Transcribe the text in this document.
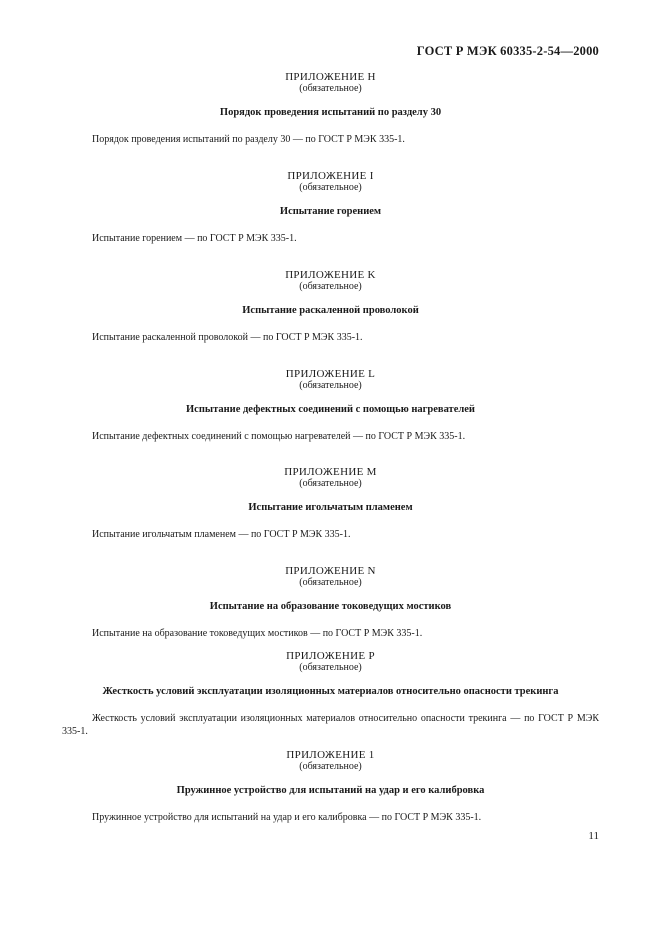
ГОСТ Р МЭК 60335-2-54—2000
ПРИЛОЖЕНИЕ H
(обязательное)
Порядок проведения испытаний по разделу 30
Порядок проведения испытаний по разделу 30 — по ГОСТ Р МЭК 335-1.
ПРИЛОЖЕНИЕ I
(обязательное)
Испытание горением
Испытание горением — по ГОСТ Р МЭК 335-1.
ПРИЛОЖЕНИЕ K
(обязательное)
Испытание раскаленной проволокой
Испытание раскаленной проволокой — по ГОСТ Р МЭК 335-1.
ПРИЛОЖЕНИЕ L
(обязательное)
Испытание дефектных соединений с помощью нагревателей
Испытание дефектных соединений с помощью нагревателей — по ГОСТ Р МЭК 335-1.
ПРИЛОЖЕНИЕ M
(обязательное)
Испытание игольчатым пламенем
Испытание игольчатым пламенем — по ГОСТ Р МЭК 335-1.
ПРИЛОЖЕНИЕ N
(обязательное)
Испытание на образование токоведущих мостиков
Испытание на образование токоведущих мостиков — по ГОСТ Р МЭК 335-1.
ПРИЛОЖЕНИЕ P
(обязательное)
Жесткость условий эксплуатации изоляционных материалов относительно опасности трекинга
Жесткость условий эксплуатации изоляционных материалов относительно опасности трекинга — по ГОСТ Р МЭК 335-1.
ПРИЛОЖЕНИЕ 1
(обязательное)
Пружинное устройство для испытаний на удар и его калибровка
Пружинное устройство для испытаний на удар и его калибровка — по ГОСТ Р МЭК 335-1.
11
